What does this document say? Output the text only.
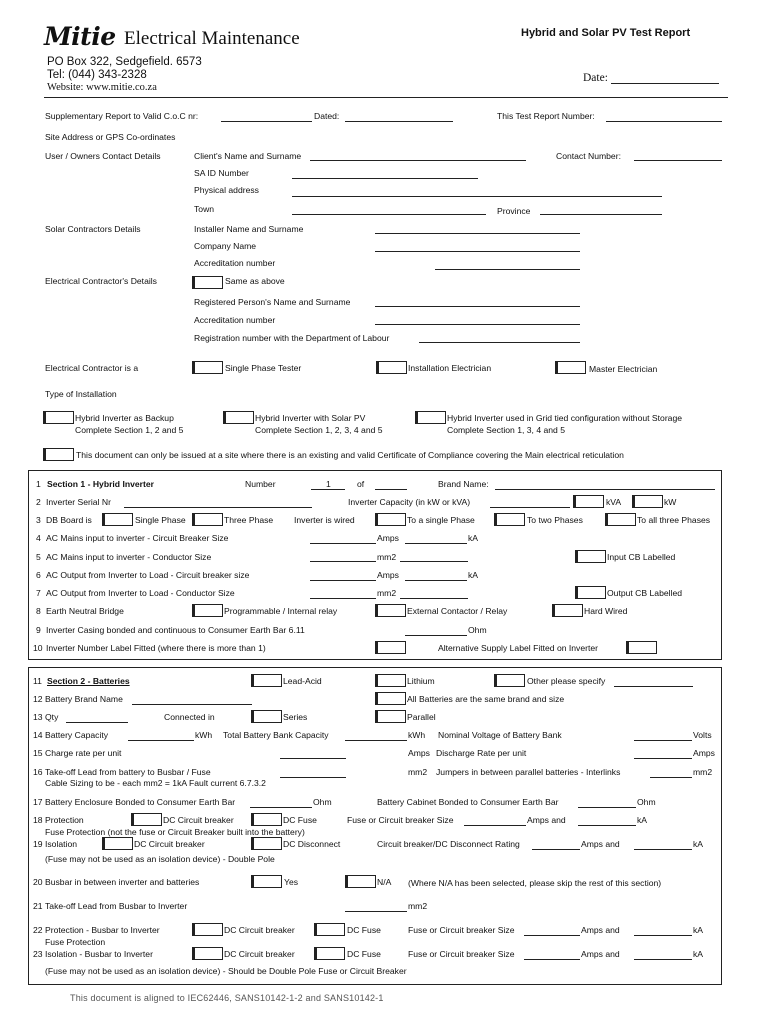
Mitie Electrical Maintenance
PO Box 322, Sedgefield. 6573
Tel: (044) 343-2328
Website: www.mitie.co.za
Hybrid and Solar PV Test Report
Date:
Supplementary Report to Valid C.o.C nr:	Dated:	This Test Report Number:
Site Address or GPS Co-ordinates
User / Owners Contact Details	Client's Name and Surname	Contact Number:
SA ID Number
Physical address
Town	Province
Solar Contractors Details	Installer Name and Surname
Company Name
Accreditation number
Electrical Contractor's Details	Same as above
Registered Person's Name and Surname
Accreditation number
Registration number with the Department of Labour
Electrical Contractor is a	Single Phase Tester	Installation Electrician	Master Electrician
Type of Installation
Hybrid Inverter as Backup
Complete Section 1, 2 and 5
Hybrid Inverter with Solar PV
Complete Section 1, 2, 3, 4 and 5
Hybrid Inverter used in Grid tied configuration without Storage
Complete Section 1, 3, 4 and 5
This document can only be issued at a site where there is an existing and valid Certificate of Compliance covering the Main electrical reticulation
1 Section 1 - Hybrid Inverter	Number	1	of	Brand Name:
2 Inverter Serial Nr	Inverter Capacity (in kW or kVA)	kVA	kW
3 DB Board is	Single Phase	Three Phase Inverter is wired	To a single Phase	To two Phases	To all three Phases
4 AC Mains input to inverter - Circuit Breaker Size	Amps	kA
5 AC Mains input to inverter - Conductor Size	mm2	Input CB Labelled
6 AC Output from Inverter to Load - Circuit breaker size	Amps	kA
7 AC Output from Inverter to Load - Conductor Size	mm2	Output CB Labelled
8 Earth Neutral Bridge	Programmable / Internal relay	External Contactor / Relay	Hard Wired
9 Inverter Casing bonded and continuous to Consumer Earth Bar 6.11	Ohm
10 Inverter Number Label Fitted (where there is more than 1)	Alternative Supply Label Fitted on Inverter
11 Section 2 - Batteries	Lead-Acid	Lithium	Other please specify
12 Battery Brand Name	All Batteries are the same brand and size
13 Qty	Connected in	Series	Parallel
14 Battery Capacity	kWh Total Battery Bank Capacity	kWh Nominal Voltage of Battery Bank	Volts
15 Charge rate per unit	Amps Discharge Rate per unit	Amps
16 Take-off Lead from battery to Busbar / Fuse	mm2 Jumpers in between parallel batteries - Interlinks	mm2
Cable Sizing to be - each mm2 = 1kA Fault current 6.7.3.2
17 Battery Enclosure Bonded to Consumer Earth Bar	Ohm	Battery Cabinet Bonded to Consumer Earth Bar	Ohm
18 Protection	DC Circuit breaker	DC Fuse	Fuse or Circuit breaker Size	Amps and	kA
Fuse Protection (not the fuse or Circuit Breaker built into the battery)
19 Isolation	DC Circuit breaker	DC Disconnect	Circuit breaker/DC Disconnect Rating	Amps and	kA
(Fuse may not be used as an isolation device) - Double Pole
20 Busbar in between inverter and batteries	Yes	N/A (Where N/A has been selected, please skip the rest of this section)
21 Take-off Lead from Busbar to Inverter	mm2
22 Protection - Busbar to Inverter	DC Circuit breaker	DC Fuse	Fuse or Circuit breaker Size	Amps and	kA
Fuse Protection
23 Isolation - Busbar to Inverter	DC Circuit breaker	DC Fuse	Fuse or Circuit breaker Size	Amps and	kA
(Fuse may not be used as an isolation device) - Should be Double Pole Fuse or Circuit Breaker
This document is aligned to IEC62446, SANS10142-1-2 and SANS10142-1
